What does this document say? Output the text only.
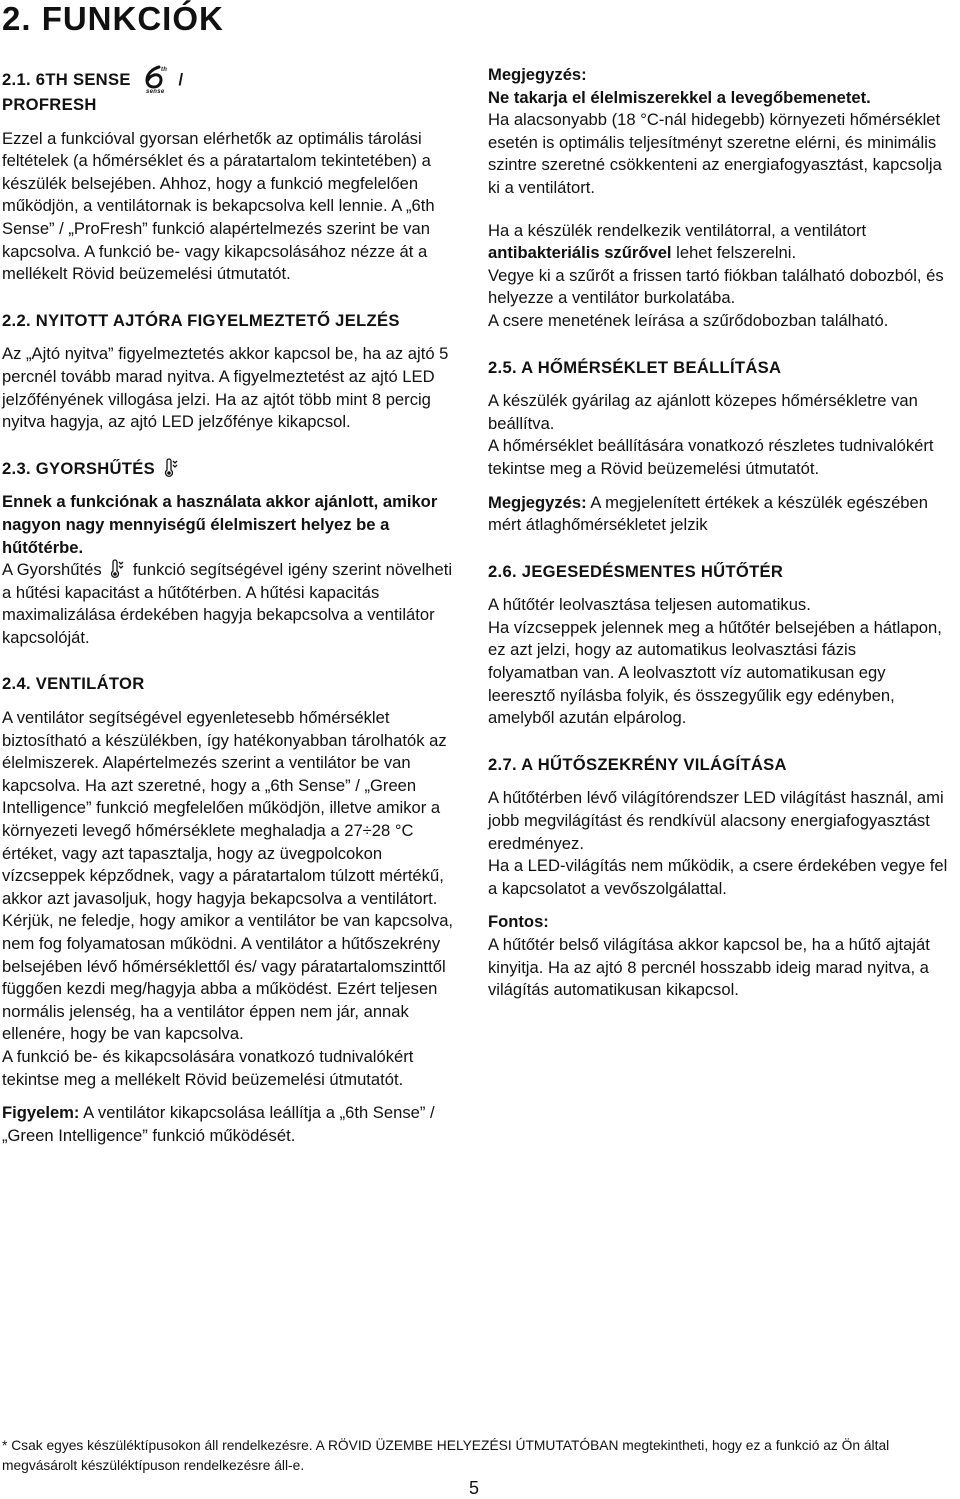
2. FUNKCIÓK

2.1. 6TH SENSE	th
sense
/
PROFRESH

Ezzel a funkcióval gyorsan elérhetők az optimális tárolási feltételek (a hőmérséklet és a páratartalom tekintetében) a készülék belsejében. Ahhoz, hogy a funkció megfelelően működjön, a ventilátornak is bekapcsolva kell lennie. A „6th Sense” / „ProFresh” funkció alapértelmezés szerint be van kapcsolva. A funkció be- vagy kikapcsolásához nézze át a mellékelt Rövid beüzemelési útmutatót.

2.2. NYITOTT AJTÓRA FIGYELMEZTETŐ JELZÉS

Az „Ajtó nyitva” figyelmeztetés akkor kapcsol be, ha az ajtó 5 percnél tovább marad nyitva. A figyelmeztetést az ajtó LED jelzőfényének villogása jelzi. Ha az ajtót több mint 8 percig nyitva hagyja, az ajtó LED jelzőfénye kikapcsol.

2.3. GYORSHŰTÉS

Ennek a funkciónak a használata akkor ajánlott, amikor nagyon nagy mennyiségű élelmiszert helyez be a hűtőtérbe.

A Gyorshűtés funkció segítségével igény szerint növelheti a hűtési kapacitást a hűtőtérben. A hűtési kapacitás maximalizálása érdekében hagyja bekapcsolva a ventilátor kapcsolóját.

2.4. VENTILÁTOR

A ventilátor segítségével egyenletesebb hőmérséklet biztosítható a készülékben, így hatékonyabban tárolhatók az élelmiszerek. Alapértelmezés szerint a ventilátor be van kapcsolva. Ha azt szeretné, hogy a „6th Sense” / „Green Intelligence” funkció megfelelően működjön, illetve amikor a környezeti levegő hőmérséklete meghaladja a 27÷28 °C értéket, vagy azt tapasztalja, hogy az üvegpolcokon vízcseppek képződnek, vagy a páratartalom túlzott mértékű, akkor azt javasoljuk, hogy hagyja bekapcsolva a ventilátort. Kérjük, ne feledje, hogy amikor a ventilátor be van kapcsolva, nem fog folyamatosan működni. A ventilátor a hűtőszekrény belsejében lévő hőmérséklettől és/ vagy páratartalomszinttől függően kezdi meg/hagyja abba a működést. Ezért teljesen normális jelenség, ha a ventilátor éppen nem jár, annak ellenére, hogy be van kapcsolva.

A funkció be- és kikapcsolására vonatkozó tudnivalókért tekintse meg a mellékelt Rövid beüzemelési útmutatót.

Figyelem: A ventilátor kikapcsolása leállítja a „6th Sense” / „Green Intelligence” funkció működését.

Megjegyzés:

Ne takarja el élelmiszerekkel a levegőbemenetet.

Ha alacsonyabb (18 °C-nál hidegebb) környezeti hőmérséklet esetén is optimális teljesítményt szeretne elérni, és minimális szintre szeretné csökkenteni az energiafogyasztást, kapcsolja ki a ventilátort.

Ha a készülék rendelkezik ventilátorral, a ventilátort antibakteriális szűrővel lehet felszerelni.

Vegye ki a szűrőt a frissen tartó fiókban található dobozból, és helyezze a ventilátor burkolatába.

A csere menetének leírása a szűrődobozban található.

2.5. A HŐMÉRSÉKLET BEÁLLÍTÁSA

A készülék gyárilag az ajánlott közepes hőmérsékletre van beállítva.

A hőmérséklet beállítására vonatkozó részletes tudnivalókért tekintse meg a Rövid beüzemelési útmutatót.

Megjegyzés: A megjelenített értékek a készülék egészében mért átlaghőmérsékletet jelzik

2.6. JEGESEDÉSMENTES HŰTŐTÉR

A hűtőtér leolvasztása teljesen automatikus.

Ha vízcseppek jelennek meg a hűtőtér belsejében a hátlapon, ez azt jelzi, hogy az automatikus leolvasztási fázis folyamatban van. A leolvasztott víz automatikusan egy leeresztő nyílásba folyik, és összegyűlik egy edényben, amelyből azután elpárolog.

2.7. A HŰTŐSZEKRÉNY VILÁGÍTÁSA

A hűtőtérben lévő világítórendszer LED világítást használ, ami jobb megvilágítást és rendkívül alacsony energiafogyasztást eredményez.

Ha a LED-világítás nem működik, a csere érdekében vegye fel a kapcsolatot a vevőszolgálattal.

Fontos:

A hűtőtér belső világítása akkor kapcsol be, ha a hűtő ajtaját kinyitja. Ha az ajtó 8 percnél hosszabb ideig marad nyitva, a világítás automatikusan kikapcsol.

* Csak egyes készüléktípusokon áll rendelkezésre. A RÖVID ÜZEMBE HELYEZÉSI ÚTMUTATÓBAN megtekintheti, hogy ez a funkció az Ön által megvásárolt készüléktípuson rendelkezésre áll-e.

5
